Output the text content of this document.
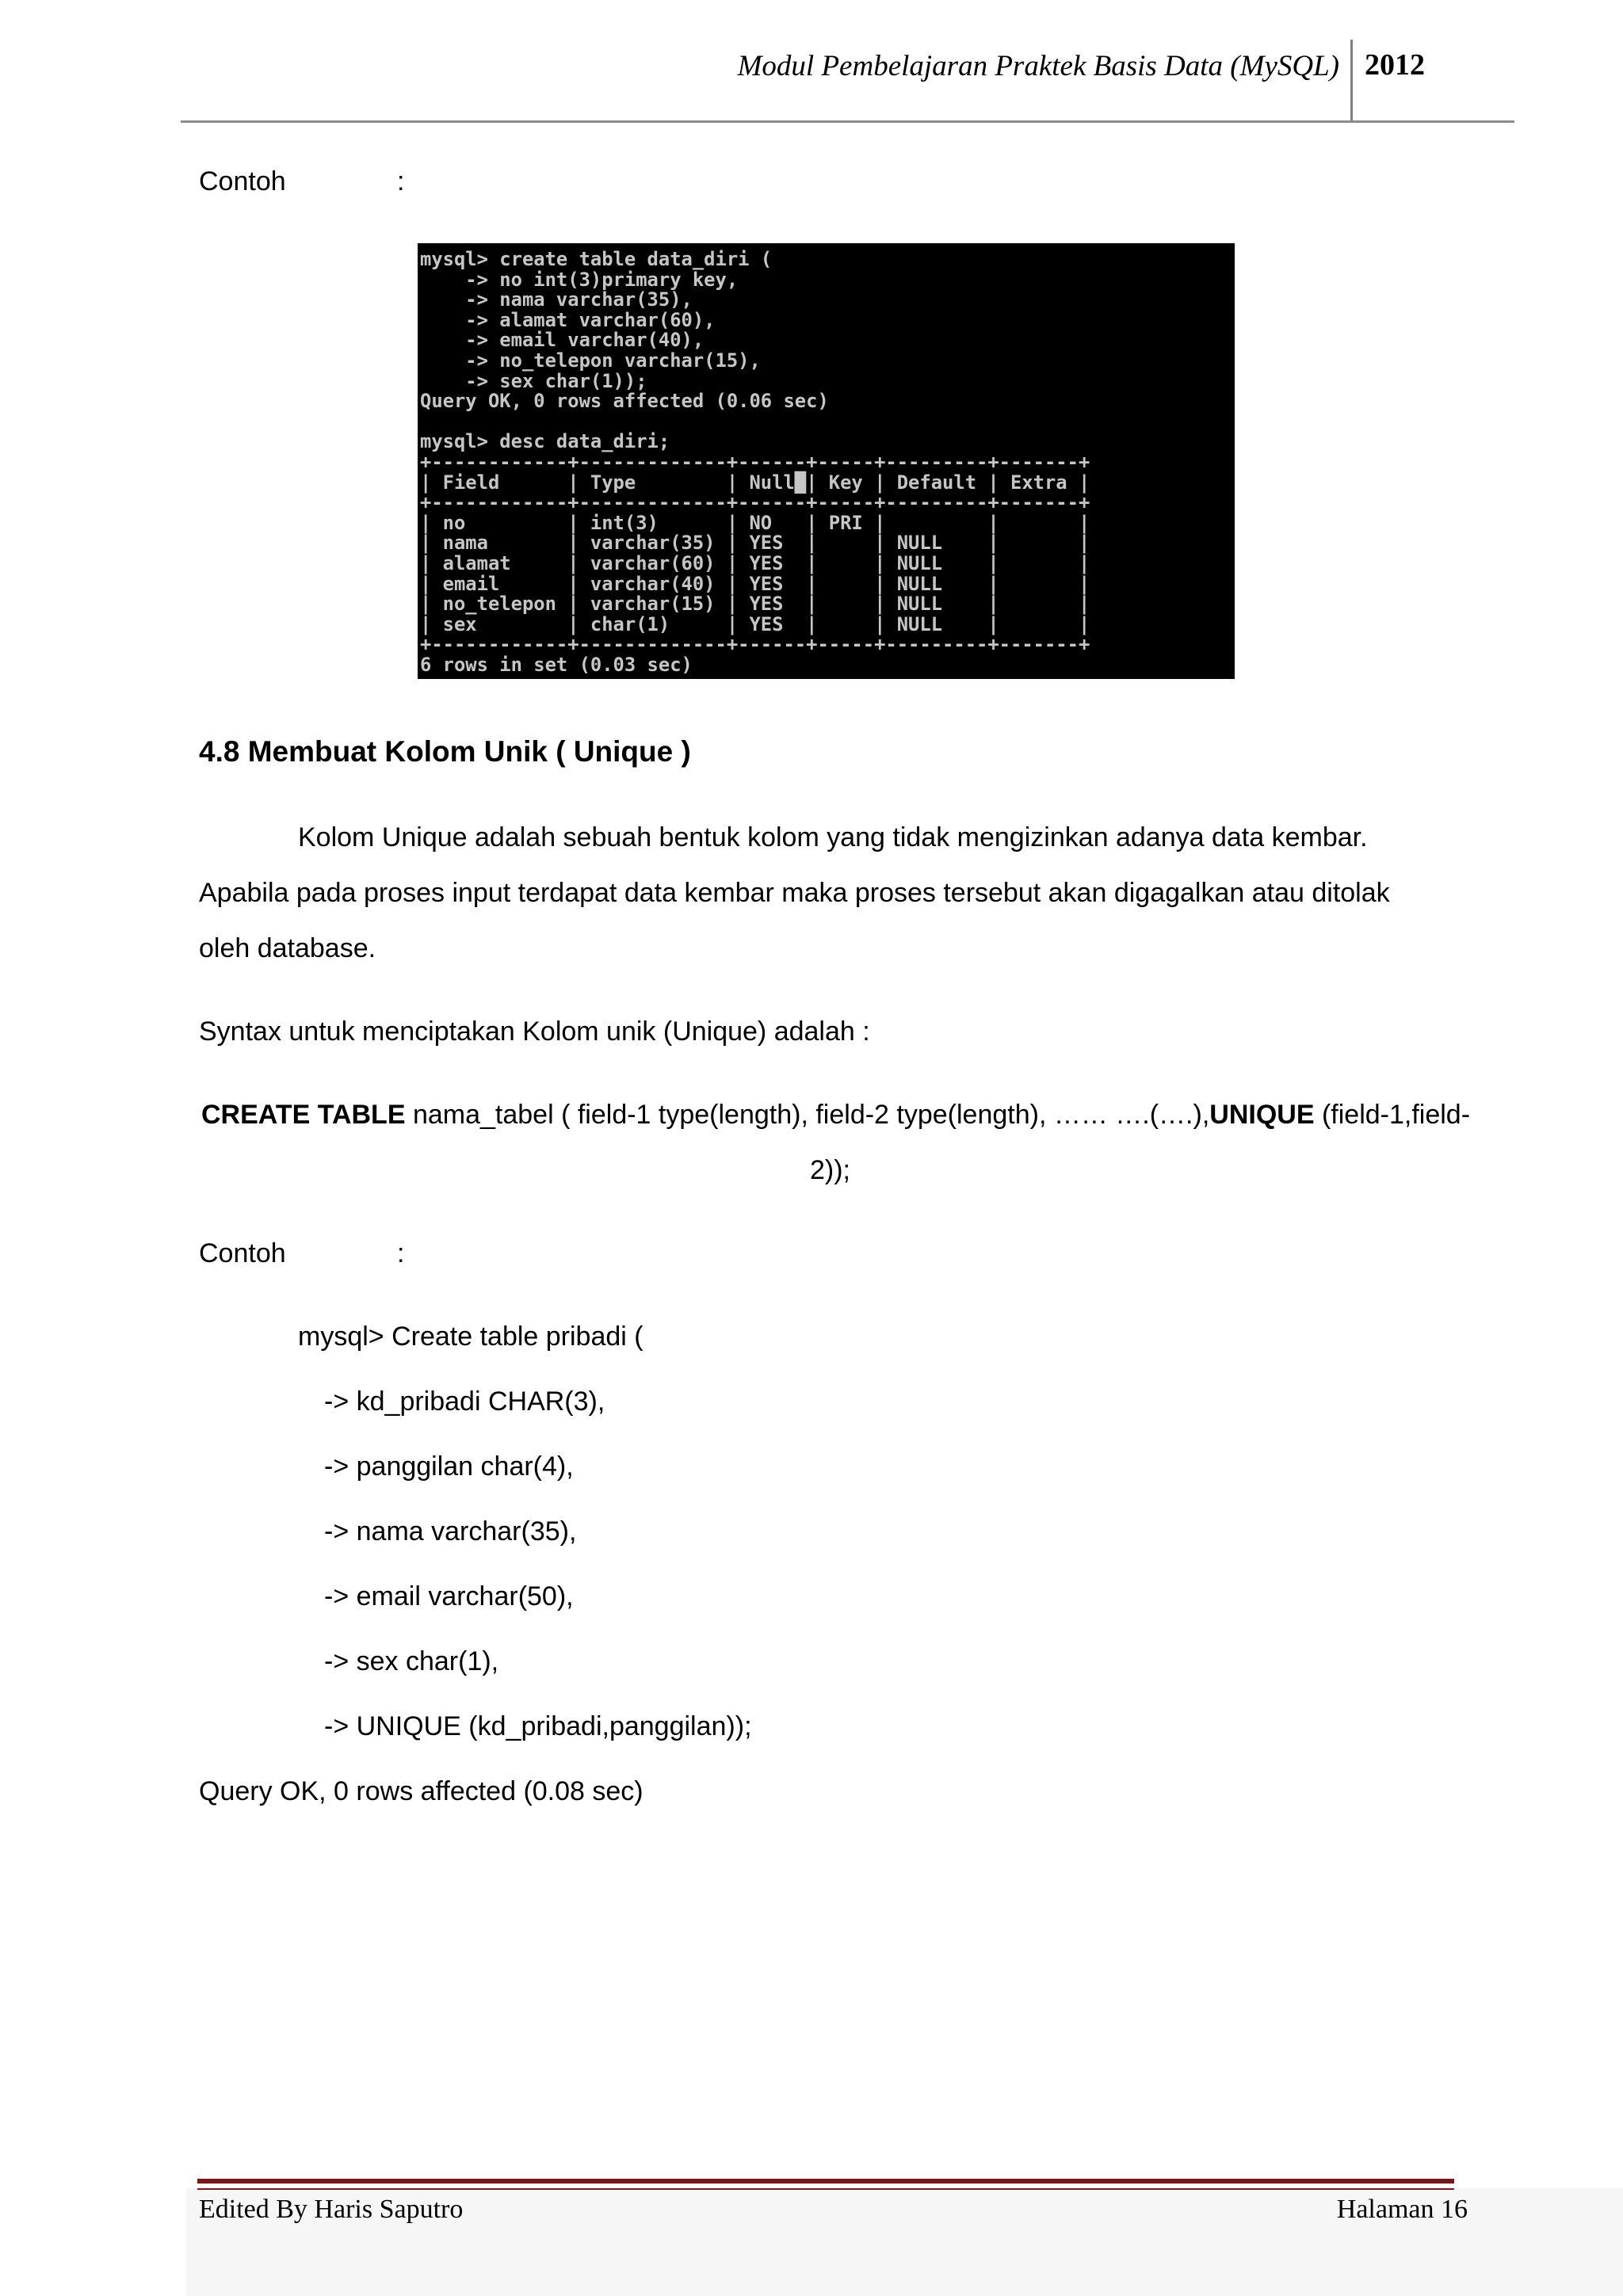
Modul Pembelajaran Praktek Basis Data (MySQL) 2012
Contoh	:
mysql> create table data_diri (
-> no int(3)primary key,
-> nama varchar(35),
-> alamat varchar(60),
-> email varchar(40),
-> no_telepon varchar(15),
-> sex char(1));
Query OK, 0 rows affected (0.06 sec)

mysql> desc data_diri;
+------------+-------------+------+-----+---------+-------+
| Field      | Type        | Null█| Key | Default | Extra |
+------------+-------------+------+-----+---------+-------+
| no         | int(3)      | NO   | PRI |         |       |
| nama       | varchar(35) | YES  |     | NULL    |       |
| alamat     | varchar(60) | YES  |     | NULL    |       |
| email      | varchar(40) | YES  |     | NULL    |       |
| no_telepon | varchar(15) | YES  |     | NULL    |       |
| sex        | char(1)     | YES  |     | NULL    |       |
+------------+-------------+------+-----+---------+-------+
6 rows in set (0.03 sec)
4.8 Membuat Kolom Unik ( Unique )
Kolom Unique adalah sebuah bentuk kolom yang tidak mengizinkan adanya data kembar.
Apabila pada proses input terdapat data kembar maka proses tersebut akan digagalkan atau ditolak
oleh database.
Syntax untuk menciptakan Kolom unik (Unique) adalah :
CREATE TABLE nama_tabel ( field-1 type(length), field-2 type(length), …… ….(….),UNIQUE (field-1,field-
2));
Contoh	:
mysql> Create table pribadi (
-> kd_pribadi CHAR(3),
-> panggilan char(4),
-> nama varchar(35),
-> email varchar(50),
-> sex char(1),
-> UNIQUE (kd_pribadi,panggilan));
Query OK, 0 rows affected (0.08 sec)
Edited By Haris Saputro	Halaman 16
